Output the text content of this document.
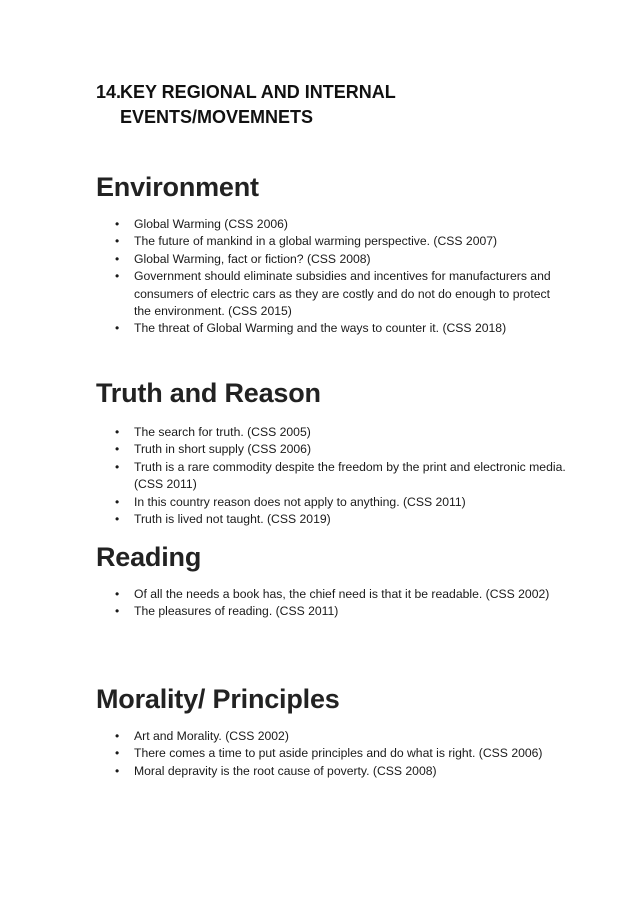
14.KEY REGIONAL AND INTERNAL
EVENTS/MOVEMNETS
Environment
• Global Warming (CSS 2006)
• The future of mankind in a global warming perspective. (CSS 2007)
• Global Warming, fact or fiction? (CSS 2008)
• Government should eliminate subsidies and incentives for manufacturers and consumers of electric cars as they are costly and do not do enough to protect the environment. (CSS 2015)
• The threat of Global Warming and the ways to counter it. (CSS 2018)
Truth and Reason
• The search for truth. (CSS 2005)
• Truth in short supply (CSS 2006)
• Truth is a rare commodity despite the freedom by the print and electronic media. (CSS 2011)
• In this country reason does not apply to anything. (CSS 2011)
• Truth is lived not taught. (CSS 2019)
Reading
• Of all the needs a book has, the chief need is that it be readable. (CSS 2002)
• The pleasures of reading. (CSS 2011)
Morality/ Principles
• Art and Morality. (CSS 2002)
• There comes a time to put aside principles and do what is right. (CSS 2006)
• Moral depravity is the root cause of poverty. (CSS 2008)
